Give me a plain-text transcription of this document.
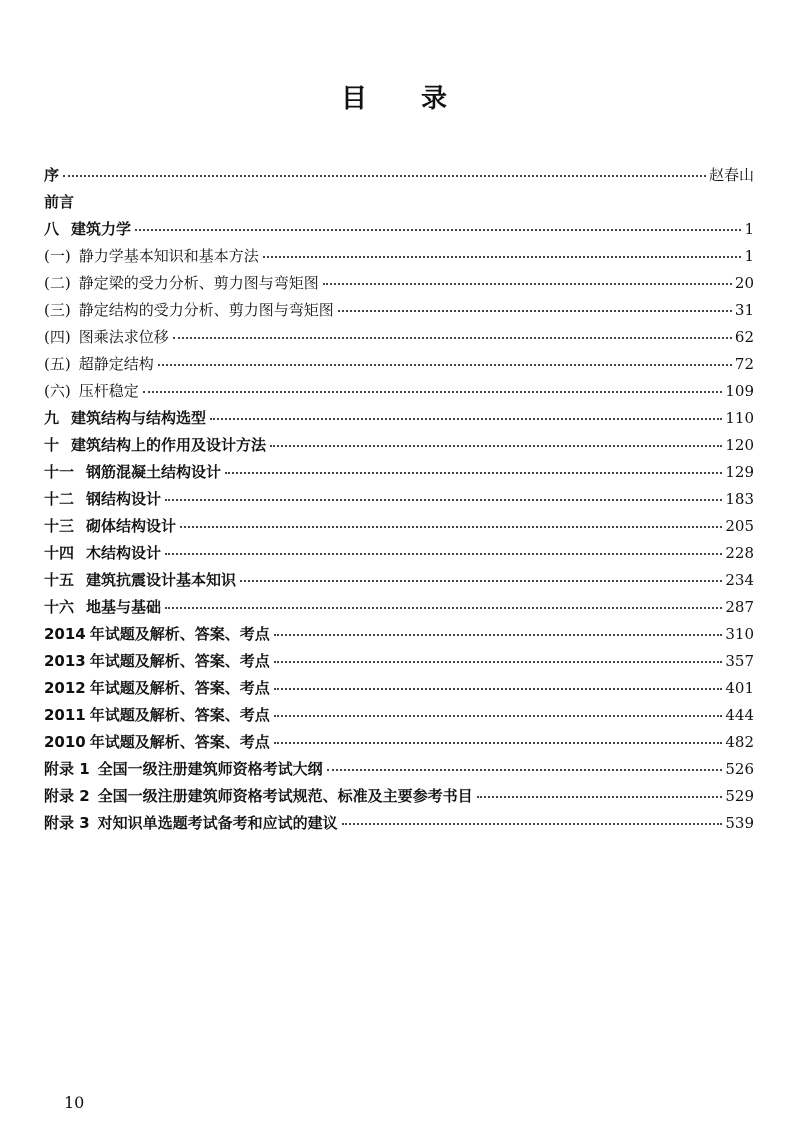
目 录
序	赵春山
前言
八 建筑力学	1
(一) 静力学基本知识和基本方法	1
(二) 静定梁的受力分析、剪力图与弯矩图	20
(三) 静定结构的受力分析、剪力图与弯矩图	31
(四) 图乘法求位移	62
(五) 超静定结构	72
(六) 压杆稳定	109
九 建筑结构与结构选型	110
十 建筑结构上的作用及设计方法	120
十一 钢筋混凝土结构设计	129
十二 钢结构设计	183
十三 砌体结构设计	205
十四 木结构设计	228
十五 建筑抗震设计基本知识	234
十六 地基与基础	287
2014 年试题及解析、答案、考点	310
2013 年试题及解析、答案、考点	357
2012 年试题及解析、答案、考点	401
2011 年试题及解析、答案、考点	444
2010 年试题及解析、答案、考点	482
附录 1 全国一级注册建筑师资格考试大纲	526
附录 2 全国一级注册建筑师资格考试规范、标准及主要参考书目	529
附录 3 对知识单选题考试备考和应试的建议	539
10
